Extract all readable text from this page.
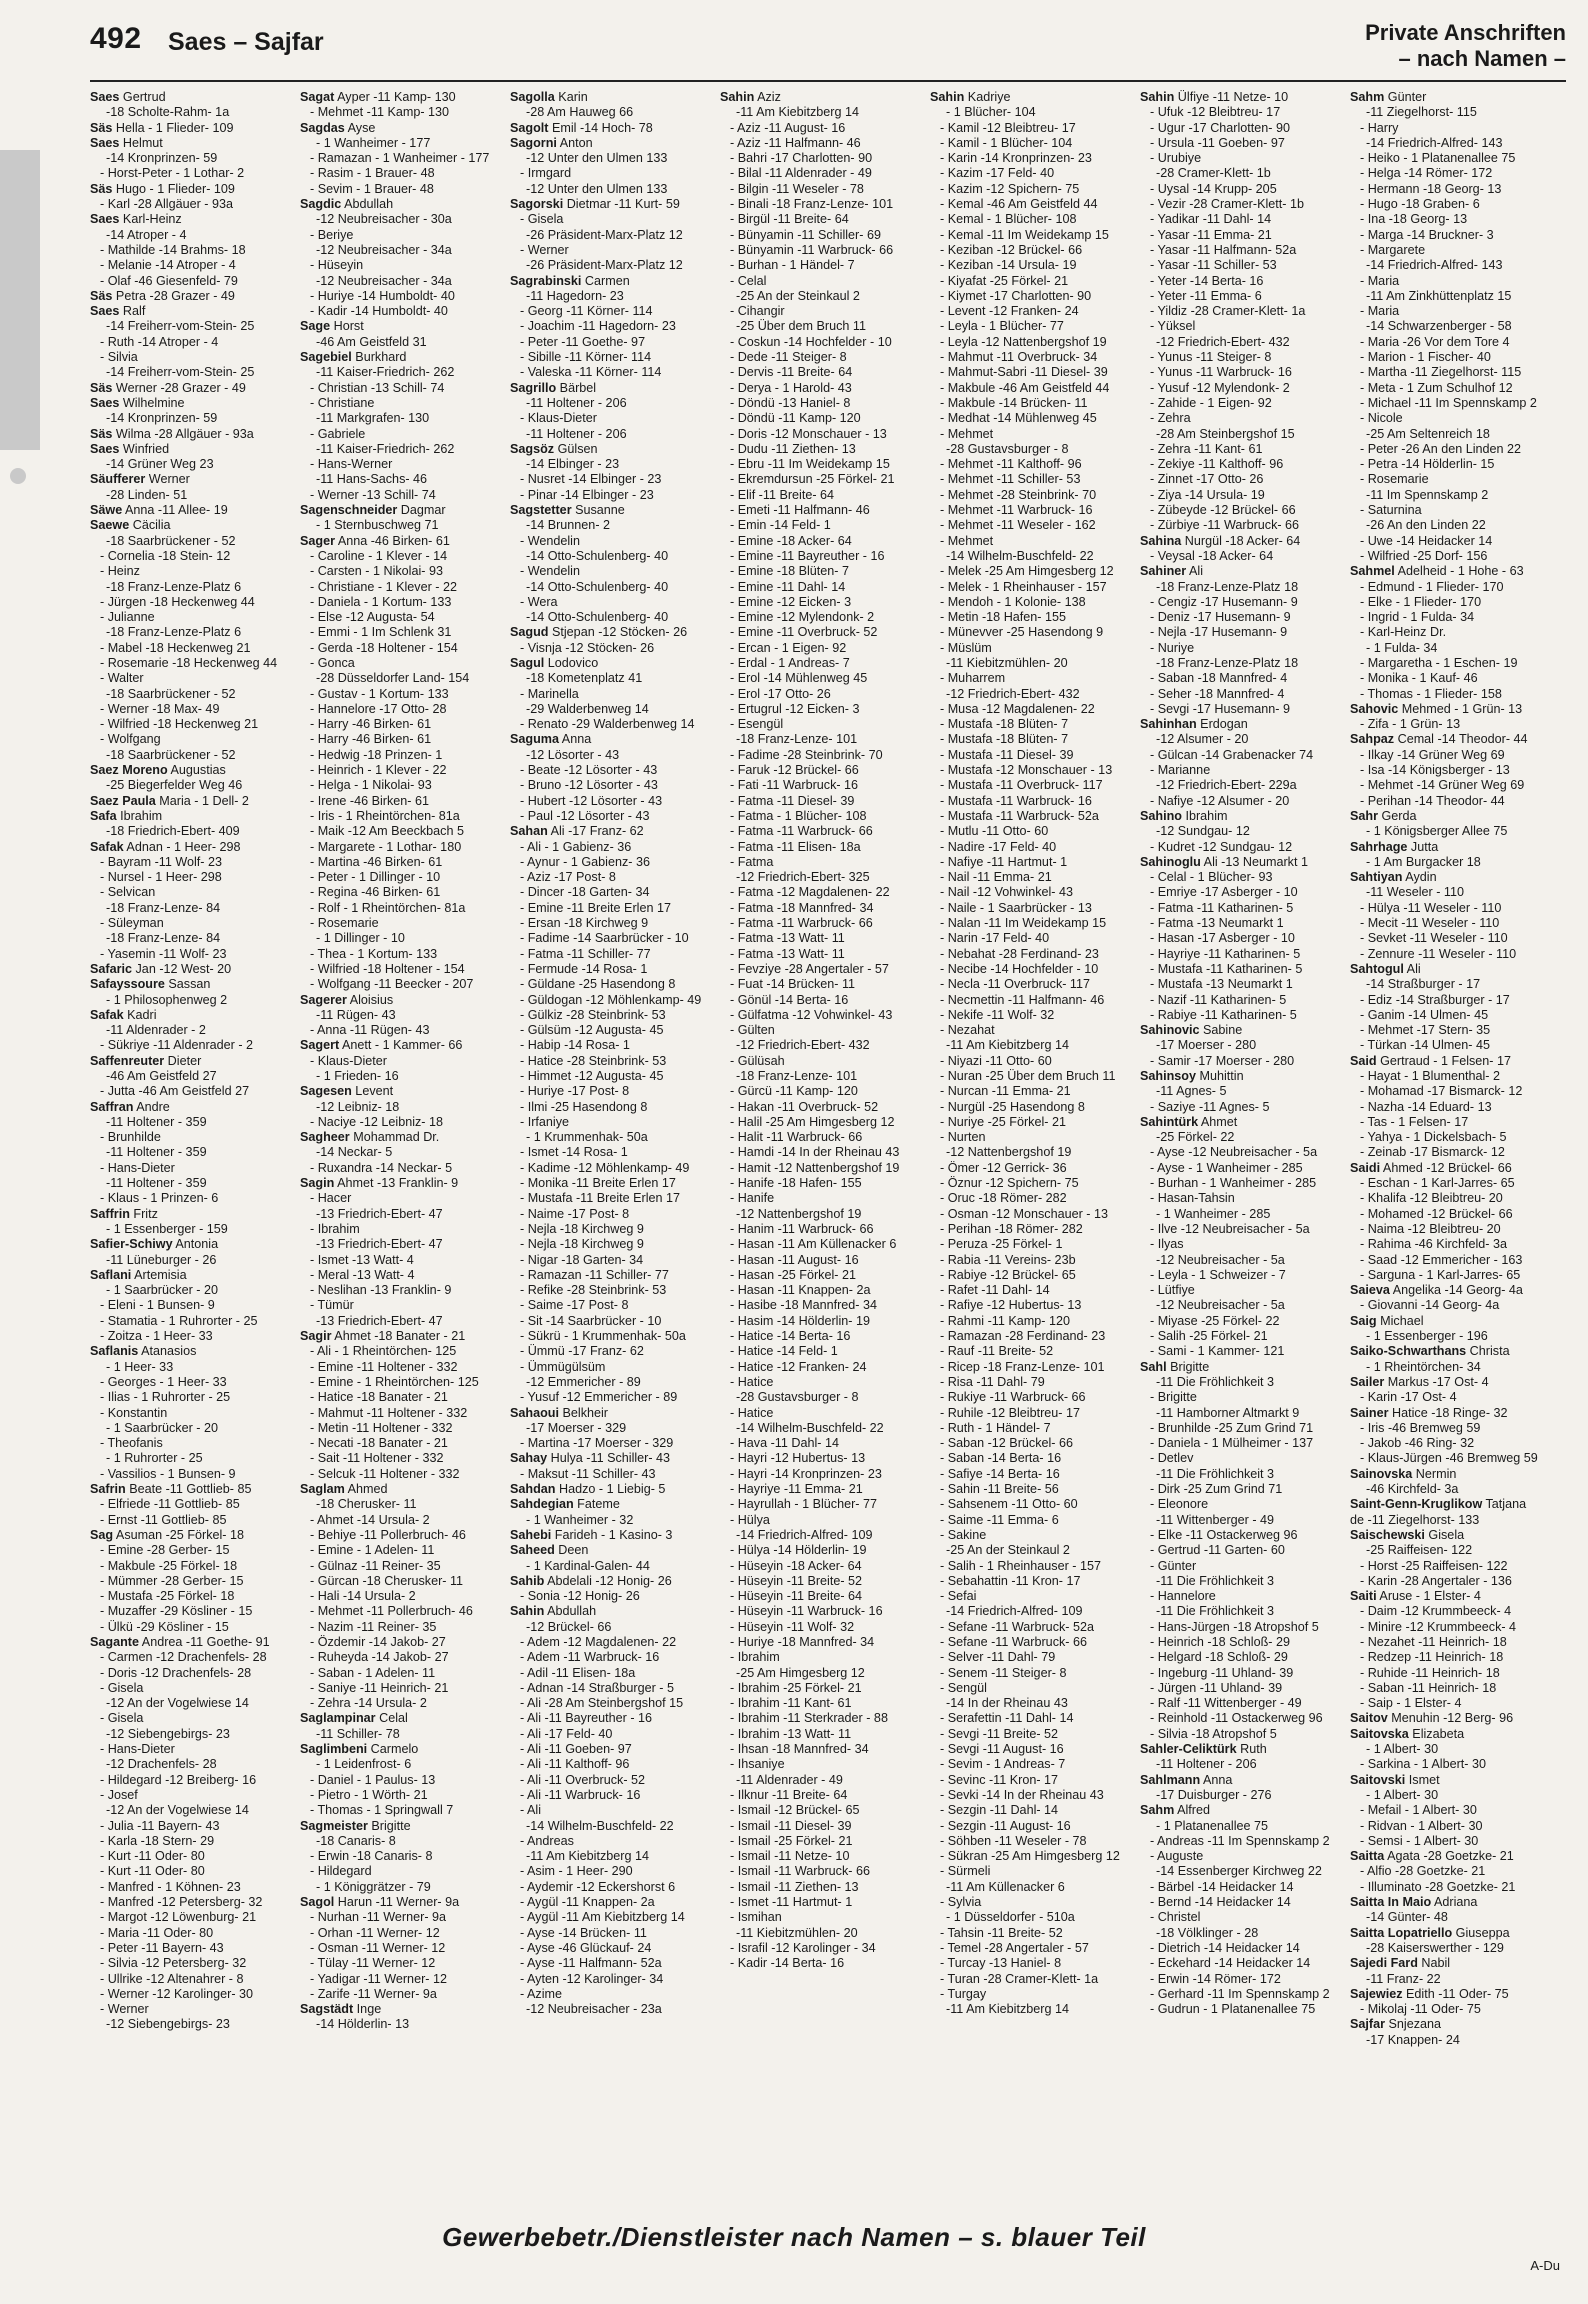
492 Saes – Sajfar	Private Anschriften
– nach Namen –
Saes Gertrud
-18 Scholte-Rahm- 1a
Säs Hella - 1 Flieder- 109
Saes Helmut
-14 Kronprinzen- 59
- Horst-Peter - 1 Lothar- 2
Säs Hugo - 1 Flieder- 109
- Karl -28 Allgäuer - 93a
Saes Karl-Heinz
-14 Atroper - 4
- Mathilde -14 Brahms- 18
- Melanie -14 Atroper - 4
- Olaf -46 Giesenfeld- 79
Säs Petra -28 Grazer - 49
Saes Ralf
-14 Freiherr-vom-Stein- 25
- Ruth -14 Atroper - 4
- Silvia
-14 Freiherr-vom-Stein- 25
Säs Werner -28 Grazer - 49
Saes Wilhelmine
-14 Kronprinzen- 59
Säs Wilma -28 Allgäuer - 93a
Saes Winfried
-14 Grüner Weg 23
Säufferer Werner
-28 Linden- 51
Säwe Anna -11 Allee- 19
Saewe Cäcilia
-18 Saarbrückener - 52
- Cornelia -18 Stein- 12
- Heinz
-18 Franz-Lenze-Platz 6
- Jürgen -18 Heckenweg 44
- Julianne
-18 Franz-Lenze-Platz 6
- Mabel -18 Heckenweg 21
- Rosemarie -18 Heckenweg 44
- Walter
-18 Saarbrückener - 52
- Werner -18 Max- 49
- Wilfried -18 Heckenweg 21
- Wolfgang
-18 Saarbrückener - 52
Saez Moreno Augustias
-25 Biegerfelder Weg 46
Saez Paula Maria - 1 Dell- 2
Safa Ibrahim
-18 Friedrich-Ebert- 409
Safak Adnan - 1 Heer- 298
- Bayram -11 Wolf- 23
- Nursel - 1 Heer- 298
- Selvican
-18 Franz-Lenze- 84
- Süleyman
-18 Franz-Lenze- 84
- Yasemin -11 Wolf- 23
Safaric Jan -12 West- 20
Safayssoure Sassan
- 1 Philosophenweg 2
Safak Kadri
-11 Aldenrader - 2
- Sükriye -11 Aldenrader - 2
Saffenreuter Dieter
-46 Am Geistfeld 27
- Jutta -46 Am Geistfeld 27
Saffran Andre
-11 Holtener - 359
- Brunhilde
-11 Holtener - 359
- Hans-Dieter
-11 Holtener - 359
- Klaus - 1 Prinzen- 6
Saffrin Fritz
- 1 Essenberger - 159
Safier-Schiwy Antonia
-11 Lüneburger - 26
Saflani Artemisia
- 1 Saarbrücker - 20
- Eleni - 1 Bunsen- 9
- Stamatia - 1 Ruhrorter - 25
- Zoitza - 1 Heer- 33
Saflanis Atanasios
- 1 Heer- 33
- Georges - 1 Heer- 33
- Ilias - 1 Ruhrorter - 25
- Konstantin
- 1 Saarbrücker - 20
- Theofanis
- 1 Ruhrorter - 25
- Vassilios - 1 Bunsen- 9
Safrin Beate -11 Gottlieb- 85
- Elfriede -11 Gottlieb- 85
- Ernst -11 Gottlieb- 85
Sag Asuman -25 Förkel- 18
- Emine -28 Gerber- 15
- Makbule -25 Förkel- 18
- Mümmer -28 Gerber- 15
- Mustafa -25 Förkel- 18
- Muzaffer -29 Kösliner - 15
- Ülkü -29 Kösliner - 15
Sagante Andrea -11 Goethe- 91
- Carmen -12 Drachenfels- 28
- Doris -12 Drachenfels- 28
- Gisela
-12 An der Vogelwiese 14
- Gisela
-12 Siebengebirgs- 23
- Hans-Dieter
-12 Drachenfels- 28
- Hildegard -12 Breiberg- 16
- Josef
-12 An der Vogelwiese 14
- Julia -11 Bayern- 43
- Karla -18 Stern- 29
- Kurt -11 Oder- 80
- Kurt -11 Oder- 80
- Manfred - 1 Köhnen- 23
- Manfred -12 Petersberg- 32
- Margot -12 Löwenburg- 21
- Maria -11 Oder- 80
- Peter -11 Bayern- 43
- Silvia -12 Petersberg- 32
- Ullrike -12 Altenahrer - 8
- Werner -12 Karolinger- 30
- Werner
-12 Siebengebirgs- 23
Sagat Ayper -11 Kamp- 130
- Mehmet -11 Kamp- 130
Sagdas Ayse
- 1 Wanheimer - 177
- Ramazan - 1 Wanheimer - 177
- Rasim - 1 Brauer- 48
- Sevim - 1 Brauer- 48
Sagdic Abdullah
-12 Neubreisacher - 30a
- Beriye
-12 Neubreisacher - 34a
- Hüseyin
-12 Neubreisacher - 34a
- Huriye -14 Humboldt- 40
- Kadir -14 Humboldt- 40
Sage Horst
-46 Am Geistfeld 31
Sagebiel Burkhard
-11 Kaiser-Friedrich- 262
- Christian -13 Schill- 74
- Christiane
-11 Markgrafen- 130
- Gabriele
-11 Kaiser-Friedrich- 262
- Hans-Werner
-11 Hans-Sachs- 46
- Werner -13 Schill- 74
Sagenschneider Dagmar
- 1 Sternbuschweg 71
Sager Anna -46 Birken- 61
- Caroline - 1 Klever - 14
- Carsten - 1 Nikolai- 93
- Christiane - 1 Klever - 22
- Daniela - 1 Kortum- 133
- Else -12 Augusta- 54
- Emmi - 1 Im Schlenk 31
- Gerda -18 Holtener - 154
- Gonca
-28 Düsseldorfer Land- 154
- Gustav - 1 Kortum- 133
- Hannelore -17 Otto- 28
- Harry -46 Birken- 61
- Harry -46 Birken- 61
- Hedwig -18 Prinzen- 1
- Heinrich - 1 Klever - 22
- Helga - 1 Nikolai- 93
- Irene -46 Birken- 61
- Iris - 1 Rheintörchen- 81a
- Maik -12 Am Beeckbach 5
- Margarete - 1 Lothar- 180
- Martina -46 Birken- 61
- Peter - 1 Dillinger - 10
- Regina -46 Birken- 61
- Rolf - 1 Rheintörchen- 81a
- Rosemarie
- 1 Dillinger - 10
- Thea - 1 Kortum- 133
- Wilfried -18 Holtener - 154
- Wolfgang -11 Beecker - 207
Sagerer Aloisius
-11 Rügen- 43
- Anna -11 Rügen- 43
Sagert Anett - 1 Kammer- 66
- Klaus-Dieter
- 1 Frieden- 16
Sagesen Levent
-12 Leibniz- 18
- Naciye -12 Leibniz- 18
Sagheer Mohammad Dr.
-14 Neckar- 5
- Ruxandra -14 Neckar- 5
Sagin Ahmet -13 Franklin- 9
- Hacer
-13 Friedrich-Ebert- 47
- Ibrahim
-13 Friedrich-Ebert- 47
- Ismet -13 Watt- 4
- Meral -13 Watt- 4
- Neslihan -13 Franklin- 9
- Tümür
-13 Friedrich-Ebert- 47
Sagir Ahmet -18 Banater - 21
- Ali - 1 Rheintörchen- 125
- Emine -11 Holtener - 332
- Emine - 1 Rheintörchen- 125
- Hatice -18 Banater - 21
- Mahmut -11 Holtener - 332
- Metin -11 Holtener - 332
- Necati -18 Banater - 21
- Sait -11 Holtener - 332
- Selcuk -11 Holtener - 332
Saglam Ahmed
-18 Cherusker- 11
- Ahmet -14 Ursula- 2
- Behiye -11 Pollerbruch- 46
- Emine - 1 Adelen- 11
- Gülnaz -11 Reiner- 35
- Gürcan -18 Cherusker- 11
- Hali -14 Ursula- 2
- Mehmet -11 Pollerbruch- 46
- Nazim -11 Reiner- 35
- Özdemir -14 Jakob- 27
- Ruheyda -14 Jakob- 27
- Saban - 1 Adelen- 11
- Saniye -11 Heinrich- 21
- Zehra -14 Ursula- 2
Saglampinar Celal
-11 Schiller- 78
Saglimbeni Carmelo
- 1 Leidenfrost- 6
- Daniel - 1 Paulus- 13
- Pietro - 1 Wörth- 21
- Thomas - 1 Springwall 7
Sagmeister Brigitte
-18 Canaris- 8
- Erwin -18 Canaris- 8
- Hildegard
- 1 Königgrätzer - 79
Sagol Harun -11 Werner- 9a
- Nurhan -11 Werner- 9a
- Orhan -11 Werner- 12
- Osman -11 Werner- 12
- Tülay -11 Werner- 12
- Yadigar -11 Werner- 12
- Zarife -11 Werner- 9a
Sagstädt Inge
-14 Hölderlin- 13
Sagolla Karin
-28 Am Hauweg 66
Sagolt Emil -14 Hoch- 78
Sagorni Anton
-12 Unter den Ulmen 133
- Irmgard
-12 Unter den Ulmen 133
Sagorski Dietmar -11 Kurt- 59
- Gisela
-26 Präsident-Marx-Platz 12
- Werner
-26 Präsident-Marx-Platz 12
Sagrabinski Carmen
-11 Hagedorn- 23
- Georg -11 Körner- 114
- Joachim -11 Hagedorn- 23
- Peter -11 Goethe- 97
- Sibille -11 Körner- 114
- Valeska -11 Körner- 114
Sagrillo Bärbel
-11 Holtener - 206
- Klaus-Dieter
-11 Holtener - 206
Sagsöz Gülsen
-14 Elbinger - 23
- Nusret -14 Elbinger - 23
- Pinar -14 Elbinger - 23
Sagstetter Susanne
-14 Brunnen- 2
- Wendelin
-14 Otto-Schulenberg- 40
- Wendelin
-14 Otto-Schulenberg- 40
- Wera
-14 Otto-Schulenberg- 40
Sagud Stjepan -12 Stöcken- 26
- Visnja -12 Stöcken- 26
Sagul Lodovico
-18 Kometenplatz 41
- Marinella
-29 Walderbenweg 14
- Renato -29 Walderbenweg 14
Saguma Anna
-12 Lösorter - 43
- Beate -12 Lösorter - 43
- Bruno -12 Lösorter - 43
- Hubert -12 Lösorter - 43
- Paul -12 Lösorter - 43
Sahan Ali -17 Franz- 62
- Ali - 1 Gabienz- 36
- Aynur - 1 Gabienz- 36
- Aziz -17 Post- 8
- Dincer -18 Garten- 34
- Emine -11 Breite Erlen 17
- Ersan -18 Kirchweg 9
- Fadime -14 Saarbrücker - 10
- Fatma -11 Schiller- 77
- Fermude -14 Rosa- 1
- Güldane -25 Hasendong 8
- Güldogan -12 Möhlenkamp- 49
- Gülkiz -28 Steinbrink- 53
- Gülsüm -12 Augusta- 45
- Habip -14 Rosa- 1
- Hatice -28 Steinbrink- 53
- Himmet -12 Augusta- 45
- Huriye -17 Post- 8
- Ilmi -25 Hasendong 8
- Irfaniye
- 1 Krummenhak- 50a
- Ismet -14 Rosa- 1
- Kadime -12 Möhlenkamp- 49
- Monika -11 Breite Erlen 17
- Mustafa -11 Breite Erlen 17
- Naime -17 Post- 8
- Nejla -18 Kirchweg 9
- Nejla -18 Kirchweg 9
- Nigar -18 Garten- 34
- Ramazan -11 Schiller- 77
- Refike -28 Steinbrink- 53
- Saime -17 Post- 8
- Sit -14 Saarbrücker - 10
- Sükrü - 1 Krummenhak- 50a
- Ümmü -17 Franz- 62
- Ümmügülsüm
-12 Emmericher - 89
- Yusuf -12 Emmericher - 89
Sahaoui Belkheir
-17 Moerser - 329
- Martina -17 Moerser - 329
Sahay Hulya -11 Schiller- 43
- Maksut -11 Schiller- 43
Sahdan Hadzo - 1 Liebig- 5
Sahdegian Fateme
- 1 Wanheimer - 32
Sahebi Farideh - 1 Kasino- 3
Saheed Deen
- 1 Kardinal-Galen- 44
Sahib Abdelali -12 Honig- 26
- Sonia -12 Honig- 26
Sahin Abdullah
-12 Brückel- 66
- Adem -12 Magdalenen- 22
- Adem -11 Warbruck- 16
- Adil -11 Elisen- 18a
- Adnan -14 Straßburger - 5
- Ali -28 Am Steinbergshof 15
- Ali -11 Bayreuther - 16
- Ali -17 Feld- 40
- Ali -11 Goeben- 97
- Ali -11 Kalthoff- 96
- Ali -11 Overbruck- 52
- Ali -11 Warbruck- 16
- Ali
-14 Wilhelm-Buschfeld- 22
- Andreas
-11 Am Kiebitzberg 14
- Asim - 1 Heer- 290
- Aydemir -12 Eckershorst 6
- Aygül -11 Knappen- 2a
- Aygül -11 Am Kiebitzberg 14
- Ayse -14 Brücken- 11
- Ayse -46 Glückauf- 24
- Ayse -11 Halfmann- 52a
- Ayten -12 Karolinger- 34
- Azime
-12 Neubreisacher - 23a
Sahin Aziz
-11 Am Kiebitzberg 14
- Aziz -11 August- 16
- Aziz -11 Halfmann- 46
- Bahri -17 Charlotten- 90
- Bilal -11 Aldenrader - 49
- Bilgin -11 Weseler - 78
- Binali -18 Franz-Lenze- 101
- Birgül -11 Breite- 64
- Bünyamin -11 Schiller- 69
- Bünyamin -11 Warbruck- 66
- Burhan - 1 Händel- 7
- Celal
-25 An der Steinkaul 2
- Cihangir
-25 Über dem Bruch 11
- Coskun -14 Hochfelder - 10
- Dede -11 Steiger- 8
- Dervis -11 Breite- 64
- Derya - 1 Harold- 43
- Döndü -13 Haniel- 8
- Döndü -11 Kamp- 120
- Doris -12 Monschauer - 13
- Dudu -11 Ziethen- 13
- Ebru -11 Im Weidekamp 15
- Ekremdursun -25 Förkel- 21
- Elif -11 Breite- 64
- Emeti -11 Halfmann- 46
- Emin -14 Feld- 1
- Emine -18 Acker- 64
- Emine -11 Bayreuther - 16
- Emine -18 Blüten- 7
- Emine -11 Dahl- 14
- Emine -12 Eicken- 3
- Emine -12 Mylendonk- 2
- Emine -11 Overbruck- 52
- Ercan - 1 Eigen- 92
- Erdal - 1 Andreas- 7
- Erol -14 Mühlenweg 45
- Erol -17 Otto- 26
- Ertugrul -12 Eicken- 3
- Esengül
-18 Franz-Lenze- 101
- Fadime -28 Steinbrink- 70
- Faruk -12 Brückel- 66
- Fati -11 Warbruck- 16
- Fatma -11 Diesel- 39
- Fatma - 1 Blücher- 108
- Fatma -11 Warbruck- 66
- Fatma -11 Elisen- 18a
- Fatma
-12 Friedrich-Ebert- 325
- Fatma -12 Magdalenen- 22
- Fatma -18 Mannfred- 34
- Fatma -11 Warbruck- 66
- Fatma -13 Watt- 11
- Fatma -13 Watt- 11
- Fevziye -28 Angertaler - 57
- Fuat -14 Brücken- 11
- Gönül -14 Berta- 16
- Gülfatma -12 Vohwinkel- 43
- Gülten
-12 Friedrich-Ebert- 432
- Gülüsah
-18 Franz-Lenze- 101
- Gürcü -11 Kamp- 120
- Hakan -11 Overbruck- 52
- Halil -25 Am Himgesberg 12
- Halit -11 Warbruck- 66
- Hamdi -14 In der Rheinau 43
- Hamit -12 Nattenbergshof 19
- Hanife -18 Hafen- 155
- Hanife
-12 Nattenbergshof 19
- Hanim -11 Warbruck- 66
- Hasan -11 Am Küllenacker 6
- Hasan -11 August- 16
- Hasan -25 Förkel- 21
- Hasan -11 Knappen- 2a
- Hasibe -18 Mannfred- 34
- Hasim -14 Hölderlin- 19
- Hatice -14 Berta- 16
- Hatice -14 Feld- 1
- Hatice -12 Franken- 24
- Hatice
-28 Gustavsburger - 8
- Hatice
-14 Wilhelm-Buschfeld- 22
- Hava -11 Dahl- 14
- Hayri -12 Hubertus- 13
- Hayri -14 Kronprinzen- 23
- Hayriye -11 Emma- 21
- Hayrullah - 1 Blücher- 77
- Hülya
-14 Friedrich-Alfred- 109
- Hülya -14 Hölderlin- 19
- Hüseyin -18 Acker- 64
- Hüseyin -11 Breite- 52
- Hüseyin -11 Breite- 64
- Hüseyin -11 Warbruck- 16
- Hüseyin -11 Wolf- 32
- Huriye -18 Mannfred- 34
- Ibrahim
-25 Am Himgesberg 12
- Ibrahim -25 Förkel- 21
- Ibrahim -11 Kant- 61
- Ibrahim -11 Sterkrader - 88
- Ibrahim -13 Watt- 11
- Ihsan -18 Mannfred- 34
- Ihsaniye
-11 Aldenrader - 49
- Ilknur -11 Breite- 64
- Ismail -12 Brückel- 65
- Ismail -11 Diesel- 39
- Ismail -25 Förkel- 21
- Ismail -11 Netze- 10
- Ismail -11 Warbruck- 66
- Ismail -11 Ziethen- 13
- Ismet -11 Hartmut- 1
- Ismihan
-11 Kiebitzmühlen- 20
- Israfil -12 Karolinger - 34
- Kadir -14 Berta- 16
Sahin Kadriye
- 1 Blücher- 104
- Kamil -12 Bleibtreu- 17
- Kamil - 1 Blücher- 104
- Karin -14 Kronprinzen- 23
- Kazim -17 Feld- 40
- Kazim -12 Spichern- 75
- Kemal -46 Am Geistfeld 44
- Kemal - 1 Blücher- 108
- Kemal -11 Im Weidekamp 15
- Keziban -12 Brückel- 66
- Keziban -14 Ursula- 19
- Kiyafat -25 Förkel- 21
- Kiymet -17 Charlotten- 90
- Levent -12 Franken- 24
- Leyla - 1 Blücher- 77
- Leyla -12 Nattenbergshof 19
- Mahmut -11 Overbruck- 34
- Mahmut-Sabri -11 Diesel- 39
- Makbule -46 Am Geistfeld 44
- Makbule -14 Brücken- 11
- Medhat -14 Mühlenweg 45
- Mehmet
-28 Gustavsburger - 8
- Mehmet -11 Kalthoff- 96
- Mehmet -11 Schiller- 53
- Mehmet -28 Steinbrink- 70
- Mehmet -11 Warbruck- 16
- Mehmet -11 Weseler - 162
- Mehmet
-14 Wilhelm-Buschfeld- 22
- Melek -25 Am Himgesberg 12
- Melek - 1 Rheinhauser - 157
- Mendoh - 1 Kolonie- 138
- Metin -18 Hafen- 155
- Münevver -25 Hasendong 9
- Müslüm
-11 Kiebitzmühlen- 20
- Muharrem
-12 Friedrich-Ebert- 432
- Musa -12 Magdalenen- 22
- Mustafa -18 Blüten- 7
- Mustafa -18 Blüten- 7
- Mustafa -11 Diesel- 39
- Mustafa -12 Monschauer - 13
- Mustafa -11 Overbruck- 117
- Mustafa -11 Warbruck- 16
- Mustafa -11 Warbruck- 52a
- Mutlu -11 Otto- 60
- Nadire -17 Feld- 40
- Nafiye -11 Hartmut- 1
- Nail -11 Emma- 21
- Nail -12 Vohwinkel- 43
- Naile - 1 Saarbrücker - 13
- Nalan -11 Im Weidekamp 15
- Narin -17 Feld- 40
- Nebahat -28 Ferdinand- 23
- Necibe -14 Hochfelder - 10
- Necla -11 Overbruck- 117
- Necmettin -11 Halfmann- 46
- Nekife -11 Wolf- 32
- Nezahat
-11 Am Kiebitzberg 14
- Niyazi -11 Otto- 60
- Nuran -25 Über dem Bruch 11
- Nurcan -11 Emma- 21
- Nurgül -25 Hasendong 8
- Nuriye -25 Förkel- 21
- Nurten
-12 Nattenbergshof 19
- Ömer -12 Gerrick- 36
- Öznur -12 Spichern- 75
- Oruc -18 Römer- 282
- Osman -12 Monschauer - 13
- Perihan -18 Römer- 282
- Peruza -25 Förkel- 1
- Rabia -11 Vereins- 23b
- Rabiye -12 Brückel- 65
- Rafet -11 Dahl- 14
- Rafiye -12 Hubertus- 13
- Rahmi -11 Kamp- 120
- Ramazan -28 Ferdinand- 23
- Rauf -11 Breite- 52
- Ricep -18 Franz-Lenze- 101
- Risa -11 Dahl- 79
- Rukiye -11 Warbruck- 66
- Ruhile -12 Bleibtreu- 17
- Ruth - 1 Händel- 7
- Saban -12 Brückel- 66
- Saban -14 Berta- 16
- Safiye -14 Berta- 16
- Sahin -11 Breite- 56
- Sahsenem -11 Otto- 60
- Saime -11 Emma- 6
- Sakine
-25 An der Steinkaul 2
- Salih - 1 Rheinhauser - 157
- Sebahattin -11 Kron- 17
- Sefai
-14 Friedrich-Alfred- 109
- Sefane -11 Warbruck- 52a
- Sefane -11 Warbruck- 66
- Selver -11 Dahl- 79
- Senem -11 Steiger- 8
- Sengül
-14 In der Rheinau 43
- Serafettin -11 Dahl- 14
- Sevgi -11 Breite- 52
- Sevgi -11 August- 16
- Sevim - 1 Andreas- 7
- Sevinc -11 Kron- 17
- Sevki -14 In der Rheinau 43
- Sezgin -11 Dahl- 14
- Sezgin -11 August- 16
- Söhben -11 Weseler - 78
- Sükran -25 Am Himgesberg 12
- Sürmeli
-11 Am Küllenacker 6
- Sylvia
- 1 Düsseldorfer - 510a
- Tahsin -11 Breite- 52
- Temel -28 Angertaler - 57
- Turcay -13 Haniel- 8
- Turan -28 Cramer-Klett- 1a
- Turgay
-11 Am Kiebitzberg 14
Sahin Ülfiye -11 Netze- 10
- Ufuk -12 Bleibtreu- 17
- Ugur -17 Charlotten- 90
- Ursula -11 Goeben- 97
- Urubiye
-28 Cramer-Klett- 1b
- Uysal -14 Krupp- 205
- Vezir -28 Cramer-Klett- 1b
- Yadikar -11 Dahl- 14
- Yasar -11 Emma- 21
- Yasar -11 Halfmann- 52a
- Yasar -11 Schiller- 53
- Yeter -14 Berta- 16
- Yeter -11 Emma- 6
- Yildiz -28 Cramer-Klett- 1a
- Yüksel
-12 Friedrich-Ebert- 432
- Yunus -11 Steiger- 8
- Yunus -11 Warbruck- 16
- Yusuf -12 Mylendonk- 2
- Zahide - 1 Eigen- 92
- Zehra
-28 Am Steinbergshof 15
- Zehra -11 Kant- 61
- Zekiye -11 Kalthoff- 96
- Zinnet -17 Otto- 26
- Ziya -14 Ursula- 19
- Zübeyde -12 Brückel- 66
- Zürbiye -11 Warbruck- 66
Sahina Nurgül -18 Acker- 64
- Veysal -18 Acker- 64
Sahiner Ali
-18 Franz-Lenze-Platz 18
- Cengiz -17 Husemann- 9
- Deniz -17 Husemann- 9
- Nejla -17 Husemann- 9
- Nuriye
-18 Franz-Lenze-Platz 18
- Saban -18 Mannfred- 4
- Seher -18 Mannfred- 4
- Sevgi -17 Husemann- 9
Sahinhan Erdogan
-12 Alsumer - 20
- Gülcan -14 Grabenacker 74
- Marianne
-12 Friedrich-Ebert- 229a
- Nafiye -12 Alsumer - 20
Sahino Ibrahim
-12 Sundgau- 12
- Kudret -12 Sundgau- 12
Sahinoglu Ali -13 Neumarkt 1
- Celal - 1 Blücher- 93
- Emriye -17 Asberger - 10
- Fatma -11 Katharinen- 5
- Fatma -13 Neumarkt 1
- Hasan -17 Asberger - 10
- Hayriye -11 Katharinen- 5
- Mustafa -11 Katharinen- 5
- Mustafa -13 Neumarkt 1
- Nazif -11 Katharinen- 5
- Rabiye -11 Katharinen- 5
Sahinovic Sabine
-17 Moerser - 280
- Samir -17 Moerser - 280
Sahinsoy Muhittin
-11 Agnes- 5
- Saziye -11 Agnes- 5
Sahintürk Ahmet
-25 Förkel- 22
- Ayse -12 Neubreisacher - 5a
- Ayse - 1 Wanheimer - 285
- Burhan - 1 Wanheimer - 285
- Hasan-Tahsin
- 1 Wanheimer - 285
- Ilve -12 Neubreisacher - 5a
- Ilyas
-12 Neubreisacher - 5a
- Leyla - 1 Schweizer - 7
- Lütfiye
-12 Neubreisacher - 5a
- Miyase -25 Förkel- 22
- Salih -25 Förkel- 21
- Sami - 1 Kammer- 121
Sahl Brigitte
-11 Die Fröhlichkeit 3
- Brigitte
-11 Hamborner Altmarkt 9
- Brunhilde -25 Zum Grind 71
- Daniela - 1 Mülheimer - 137
- Detlev
-11 Die Fröhlichkeit 3
- Dirk -25 Zum Grind 71
- Eleonore
-11 Wittenberger - 49
- Elke -11 Ostackerweg 96
- Gertrud -11 Garten- 60
- Günter
-11 Die Fröhlichkeit 3
- Hannelore
-11 Die Fröhlichkeit 3
- Hans-Jürgen -18 Atropshof 5
- Heinrich -18 Schloß- 29
- Helgard -18 Schloß- 29
- Ingeburg -11 Uhland- 39
- Jürgen -11 Uhland- 39
- Ralf -11 Wittenberger - 49
- Reinhold -11 Ostackerweg 96
- Silvia -18 Atropshof 5
Sahler-Celiktürk Ruth
-11 Holtener - 206
Sahlmann Anna
-17 Duisburger - 276
Sahm Alfred
- 1 Platanenallee 75
- Andreas -11 Im Spennskamp 2
- Auguste
-14 Essenberger Kirchweg 22
- Bärbel -14 Heidacker 14
- Bernd -14 Heidacker 14
- Christel
-18 Völklinger - 28
- Dietrich -14 Heidacker 14
- Eckehard -14 Heidacker 14
- Erwin -14 Römer- 172
- Gerhard -11 Im Spennskamp 2
- Gudrun - 1 Platanenallee 75
Sahm Günter
-11 Ziegelhorst- 115
- Harry
-14 Friedrich-Alfred- 143
- Heiko - 1 Platanenallee 75
- Helga -14 Römer- 172
- Hermann -18 Georg- 13
- Hugo -18 Graben- 6
- Ina -18 Georg- 13
- Marga -14 Bruckner- 3
- Margarete
-14 Friedrich-Alfred- 143
- Maria
-11 Am Zinkhüttenplatz 15
- Maria
-14 Schwarzenberger - 58
- Maria -26 Vor dem Tore 4
- Marion - 1 Fischer- 40
- Martha -11 Ziegelhorst- 115
- Meta - 1 Zum Schulhof 12
- Michael -11 Im Spennskamp 2
- Nicole
-25 Am Seltenreich 18
- Peter -26 An den Linden 22
- Petra -14 Hölderlin- 15
- Rosemarie
-11 Im Spennskamp 2
- Saturnina
-26 An den Linden 22
- Uwe -14 Heidacker 14
- Wilfried -25 Dorf- 156
Sahmel Adelheid - 1 Hohe - 63
- Edmund - 1 Flieder- 170
- Elke - 1 Flieder- 170
- Ingrid - 1 Fulda- 34
- Karl-Heinz Dr.
- 1 Fulda- 34
- Margaretha - 1 Eschen- 19
- Monika - 1 Kauf- 46
- Thomas - 1 Flieder- 158
Sahovic Mehmed - 1 Grün- 13
- Zifa - 1 Grün- 13
Sahpaz Cemal -14 Theodor- 44
- Ilkay -14 Grüner Weg 69
- Isa -14 Königsberger - 13
- Mehmet -14 Grüner Weg 69
- Perihan -14 Theodor- 44
Sahr Gerda
- 1 Königsberger Allee 75
Sahrhage Jutta
- 1 Am Burgacker 18
Sahtiyan Aydin
-11 Weseler - 110
- Hülya -11 Weseler - 110
- Mecit -11 Weseler - 110
- Sevket -11 Weseler - 110
- Zennure -11 Weseler - 110
Sahtogul Ali
-14 Straßburger - 17
- Ediz -14 Straßburger - 17
- Ganim -14 Ulmen- 45
- Mehmet -17 Stern- 35
- Türkan -14 Ulmen- 45
Said Gertraud - 1 Felsen- 17
- Hayat - 1 Blumenthal- 2
- Mohamad -17 Bismarck- 12
- Nazha -14 Eduard- 13
- Tas - 1 Felsen- 17
- Yahya - 1 Dickelsbach- 5
- Zeinab -17 Bismarck- 12
Saidi Ahmed -12 Brückel- 66
- Eschan - 1 Karl-Jarres- 65
- Khalifa -12 Bleibtreu- 20
- Mohamed -12 Brückel- 66
- Naima -12 Bleibtreu- 20
- Rahima -46 Kirchfeld- 3a
- Saad -12 Emmericher - 163
- Sarguna - 1 Karl-Jarres- 65
Saieva Angelika -14 Georg- 4a
- Giovanni -14 Georg- 4a
Saig Michael
- 1 Essenberger - 196
Saiko-Schwarthans Christa
- 1 Rheintörchen- 34
Sailer Markus -17 Ost- 4
- Karin -17 Ost- 4
Sainer Hatice -18 Ringe- 32
- Iris -46 Bremweg 59
- Jakob -46 Ring- 32
- Klaus-Jürgen -46 Bremweg 59
Sainovska Nermin
-46 Kirchfeld- 3a
Saint-Genn-Kruglikow Tatjana
de -11 Ziegelhorst- 133
Saischewski Gisela
-25 Raiffeisen- 122
- Horst -25 Raiffeisen- 122
- Karin -28 Angertaler - 136
Saiti Aruse - 1 Elster- 4
- Daim -12 Krummbeeck- 4
- Minire -12 Krummbeeck- 4
- Nezahet -11 Heinrich- 18
- Redzep -11 Heinrich- 18
- Ruhide -11 Heinrich- 18
- Saban -11 Heinrich- 18
- Saip - 1 Elster- 4
Saitov Menuhin -12 Berg- 96
Saitovska Elizabeta
- 1 Albert- 30
- Sarkina - 1 Albert- 30
Saitovski Ismet
- 1 Albert- 30
- Mefail - 1 Albert- 30
- Ridvan - 1 Albert- 30
- Semsi - 1 Albert- 30
Saitta Agata -28 Goetzke- 21
- Alfio -28 Goetzke- 21
- Illuminato -28 Goetzke- 21
Saitta In Maio Adriana
-14 Günter- 48
Saitta Lopatriello Giuseppa
-28 Kaiserswerther - 129
Sajedi Fard Nabil
-11 Franz- 22
Sajewiez Edith -11 Oder- 75
- Mikolaj -11 Oder- 75
Sajfar Snjezana
-17 Knappen- 24
Gewerbebetr./Dienstleister nach Namen – s. blauer Teil
A-Du
